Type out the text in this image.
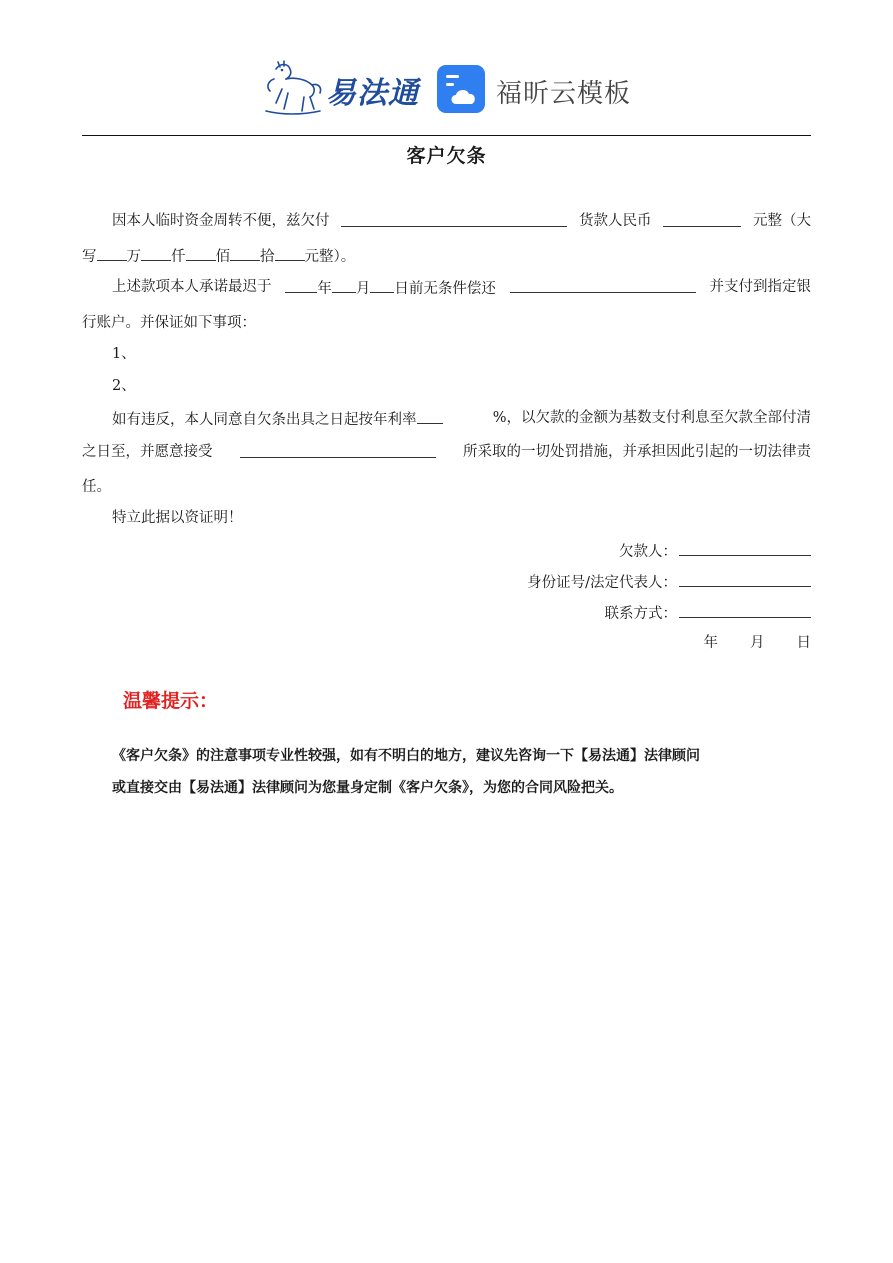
易法通	福昕云模板
客户欠条
因本人临时资金周转不便，兹欠付	货款人民币	元整（大
写 万 仟 佰 拾 元整）。
上述款项本人承诺最迟于	年 月 日前无条件偿还	并支付到指定银
行账户。并保证如下事项：
1、
2、
如有违反，本人同意自欠条出具之日起按年利率	%，以欠款的金额为基数支付利息至欠款全部付清
之日至，并愿意接受	所采取的一切处罚措施，并承担因此引起的一切法律责
任。
特立此据以资证明！
欠款人：
身份证号/法定代表人：
联系方式：
年 月 日
温馨提示：
《客户欠条》的注意事项专业性较强，如有不明白的地方，建议先咨询一下【易法通】法律顾问
或直接交由【易法通】法律顾问为您量身定制《客户欠条》，为您的合同风险把关。
